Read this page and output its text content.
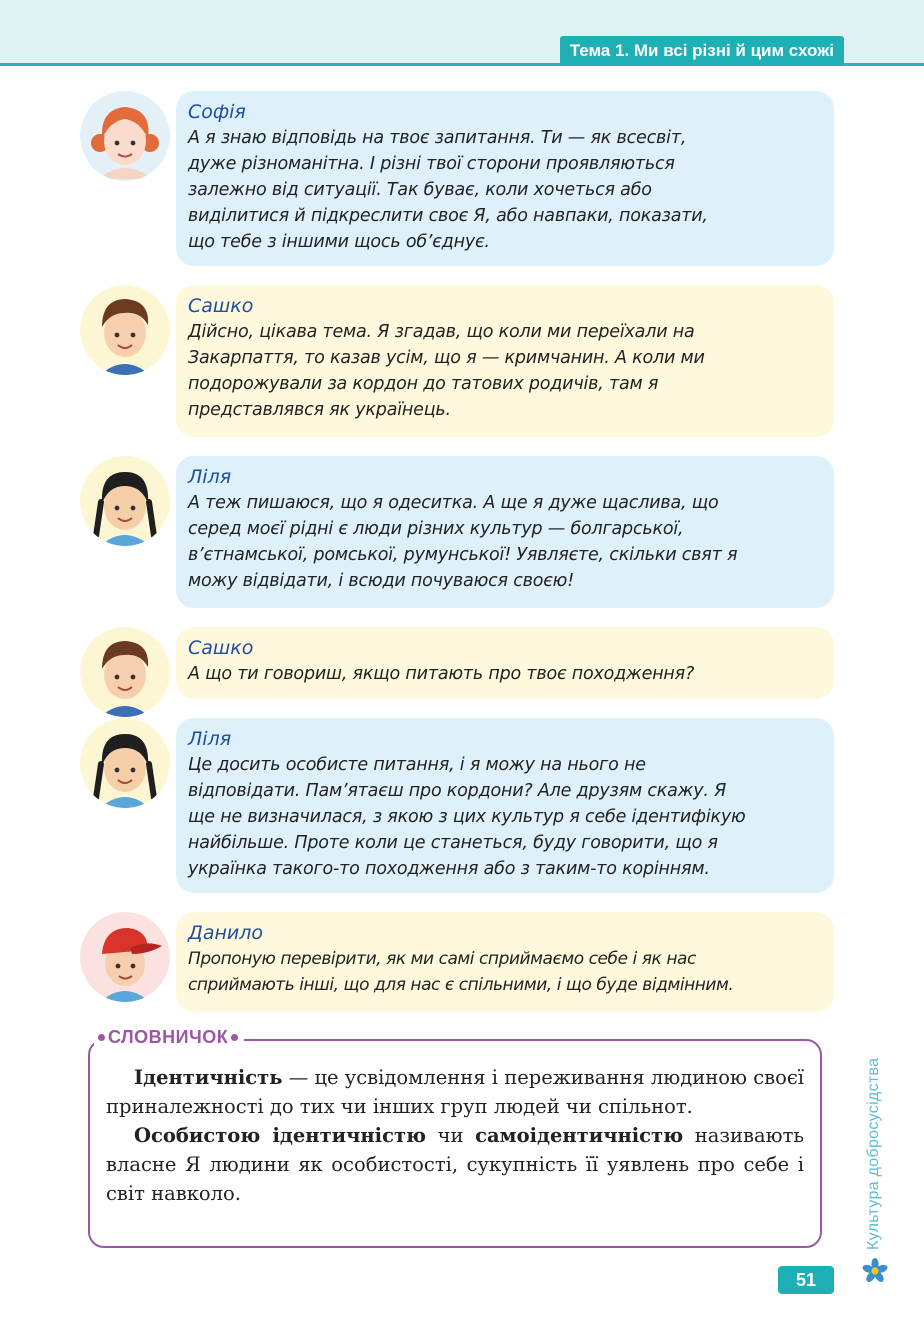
Тема 1. Ми всі різні й цим схожі
Софія
А я знаю відповідь на твоє запитання. Ти — як всесвіт,
дуже різноманітна. І різні твої сторони проявляються
залежно від ситуації. Так буває, коли хочеться або
виділитися й підкреслити своє Я, або навпаки, показати,
що тебе з іншими щось об’єднує.
Сашко
Дійсно, цікава тема. Я згадав, що коли ми переїхали на
Закарпаття, то казав усім, що я — кримчанин. А коли ми
подорожували за кордон до татових родичів, там я
представлявся як українець.
Ліля
А теж пишаюся, що я одеситка. А ще я дуже щаслива, що
серед моєї рідні є люди різних культур — болгарської,
в’єтнамської, ромської, румунської! Уявляєте, скільки свят я
можу відвідати, і всюди почуваюся своєю!
Сашко
А що ти говориш, якщо питають про твоє походження?
Ліля
Це досить особисте питання, і я можу на нього не
відповідати. Пам’ятаєш про кордони? Але друзям скажу. Я
ще не визначилася, з якою з цих культур я себе ідентифікую
найбільше. Проте коли це станеться, буду говорити, що я
українка такого-то походження або з таким-то корінням.
Данило
Пропоную перевірити, як ми самі сприймаємо себе і як нас
сприймають інші, що для нас є спільними, і що буде відмінним.
СЛОВНИЧОК

Ідентичність — це усвідомлення і переживання людиною своєї приналежності до тих чи інших груп людей чи спільнот.

Особистою ідентичністю чи самоідентичністю називають власне Я людини як особистості, сукупність її уявлень про себе і світ навколо.	Культура добросусідства
51
